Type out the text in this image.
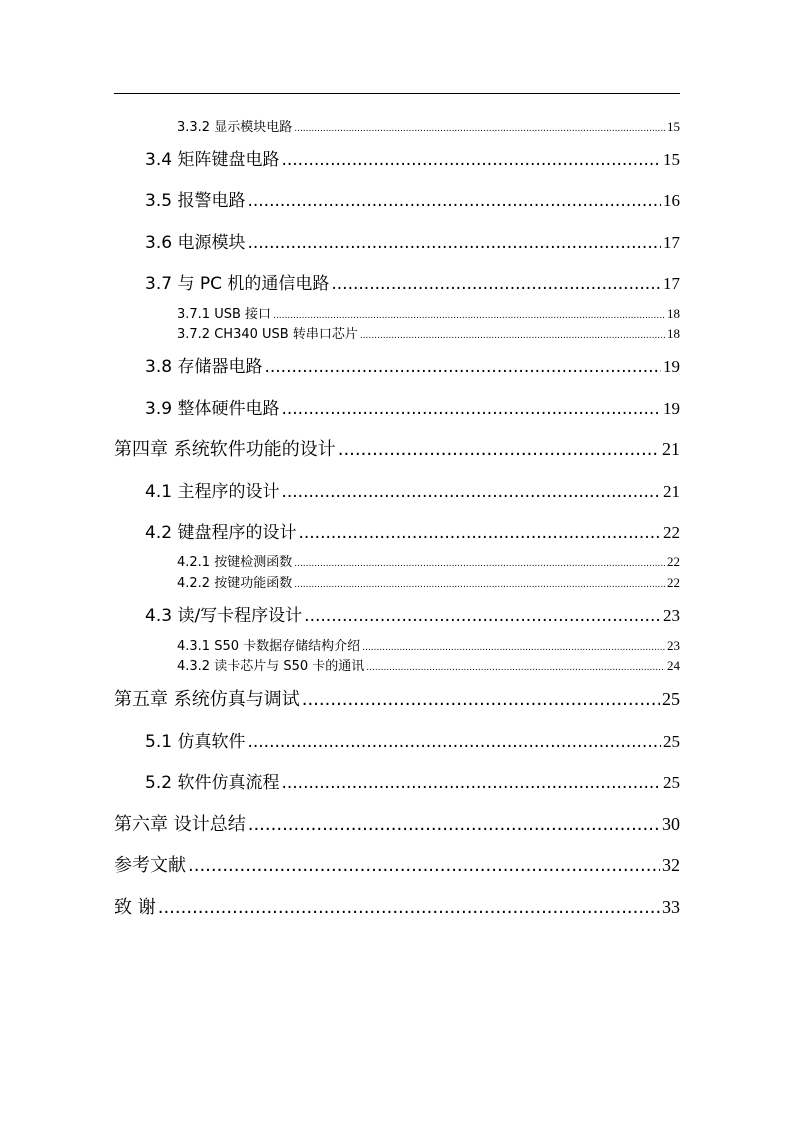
3.3.2 显示模块电路 .....	15
3.4 矩阵键盘电路 .....	15
3.5 报警电路 .....	16
3.6 电源模块 .....	17
3.7 与 PC 机的通信电路 .....	17
3.7.1 USB 接口 .....	18
3.7.2 CH340 USB 转串口芯片 .....	18
3.8 存储器电路 .....	19
3.9 整体硬件电路 .....	19
第四章 系统软件功能的设计 .....	21
4.1 主程序的设计 .....	21
4.2 键盘程序的设计 .....	22
4.2.1 按键检测函数 .....	22
4.2.2 按键功能函数 .....	22
4.3 读/写卡程序设计 .....	23
4.3.1 S50 卡数据存储结构介绍 .....	23
4.3.2 读卡芯片与 S50 卡的通讯 .....	24
第五章 系统仿真与调试 .....	25
5.1 仿真软件 .....	25
5.2 软件仿真流程 .....	25
第六章 设计总结 .....	30
参考文献 .....	32
致 谢 .....	33
